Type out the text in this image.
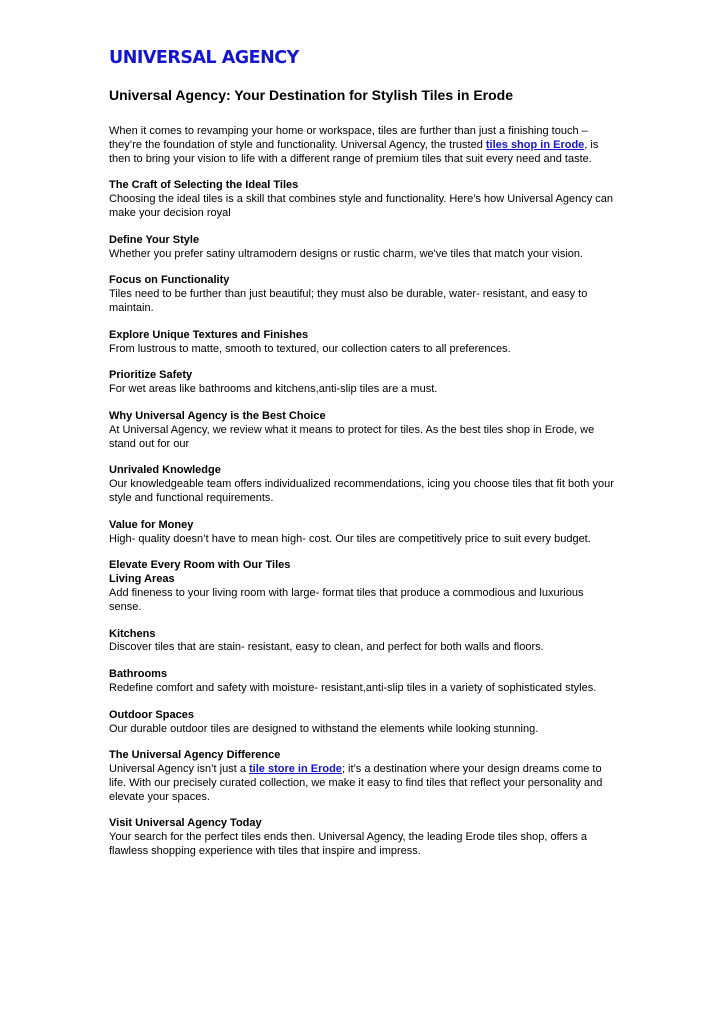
UNIVERSAL AGENCY
Universal Agency: Your Destination for Stylish Tiles in Erode

When it comes to revamping your home or workspace, tiles are further than just a finishing touch – they’re the foundation of style and functionality. Universal Agency, the trusted tiles shop in Erode, is then to bring your vision to life with a different range of premium tiles that suit every need and taste.

The Craft of Selecting the Ideal Tiles
Choosing the ideal tiles is a skill that combines style and functionality. Here’s how Universal Agency can make your decision royal
Define Your Style
Whether you prefer satiny ultramodern designs or rustic charm, we've tiles that match your vision.
Focus on Functionality
Tiles need to be further than just beautiful; they must also be durable, water- resistant, and easy to maintain.
Explore Unique Textures and Finishes
From lustrous to matte, smooth to textured, our collection caters to all preferences.
Prioritize Safety
For wet areas like bathrooms and kitchens,anti-slip tiles are a must.
Why Universal Agency is the Best Choice
At Universal Agency, we review what it means to protect for tiles. As the best tiles shop in Erode, we stand out for our
Unrivaled Knowledge
Our knowledgeable team offers individualized recommendations, icing you choose tiles that fit both your style and functional requirements.
Value for Money
High- quality doesn’t have to mean high- cost. Our tiles are competitively price to suit every budget.
Elevate Every Room with Our Tiles
Living Areas
Add fineness to your living room with large- format tiles that produce a commodious and luxurious sense.
Kitchens
Discover tiles that are stain- resistant, easy to clean, and perfect for both walls and floors.
Bathrooms
Redefine comfort and safety with moisture- resistant,anti-slip tiles in a variety of sophisticated styles.
Outdoor Spaces
Our durable outdoor tiles are designed to withstand the elements while looking stunning.
The Universal Agency Difference
Universal Agency isn’t just a tile store in Erode; it’s a destination where your design dreams come to life. With our precisely curated collection, we make it easy to find tiles that reflect your personality and elevate your spaces.
Visit Universal Agency Today
Your search for the perfect tiles ends then. Universal Agency, the leading Erode tiles shop, offers a flawless shopping experience with tiles that inspire and impress.
